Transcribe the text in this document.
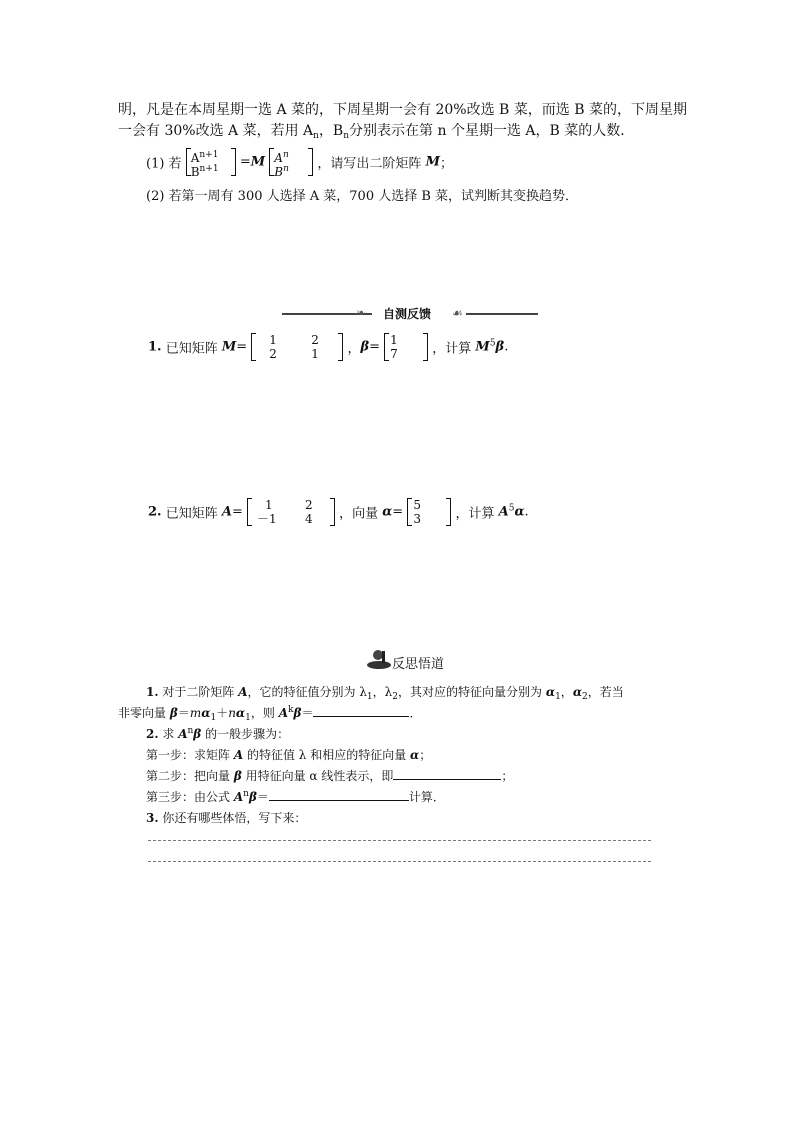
明，凡是在本周星期一选 A 菜的，下周星期一会有 20%改选 B 菜，而选 B 菜的，下周星期
一会有 30%改选 A 菜，若用 $A_n$，$B_n$分别表示在第 n 个星期一选 A，B 菜的人数．
(1) 若 $A^{n+1}$
$B^{n+1} =M$ $A^n$
$B^n$ ，请写出二阶矩阵 M；
(2) 若第一周有 300 人选择 A 菜，700 人选择 B 菜，试判断其变换趋势．
❧ 自测反馈 ☙
1. 已知矩阵 M= 1	2
2	1 ，β= 1
7	，计算 $M^5\beta$.
2. 已知矩阵 A= 1	2
－1 4 ，向量 α= 5
3	，计算 $A^5\alpha$.
反思悟道
1. 对于二阶矩阵 A，它的特征值分别为 $\lambda_1$，$\lambda_2$，其对应的特征向量分别为 $\alpha_1$，$\alpha_2$，若当
非零向量 $\beta=m\alpha_1+n\alpha_1$，则 $A^k\beta=$	．
2. 求 $A^n\beta$ 的一般步骤为：
第一步：求矩阵 A 的特征值 λ 和相应的特征向量 α；
第二步：把向量 β 用特征向量 α 线性表示，即	；
第三步：由公式 $A^n\beta=$	计算．
3. 你还有哪些体悟，写下来：
